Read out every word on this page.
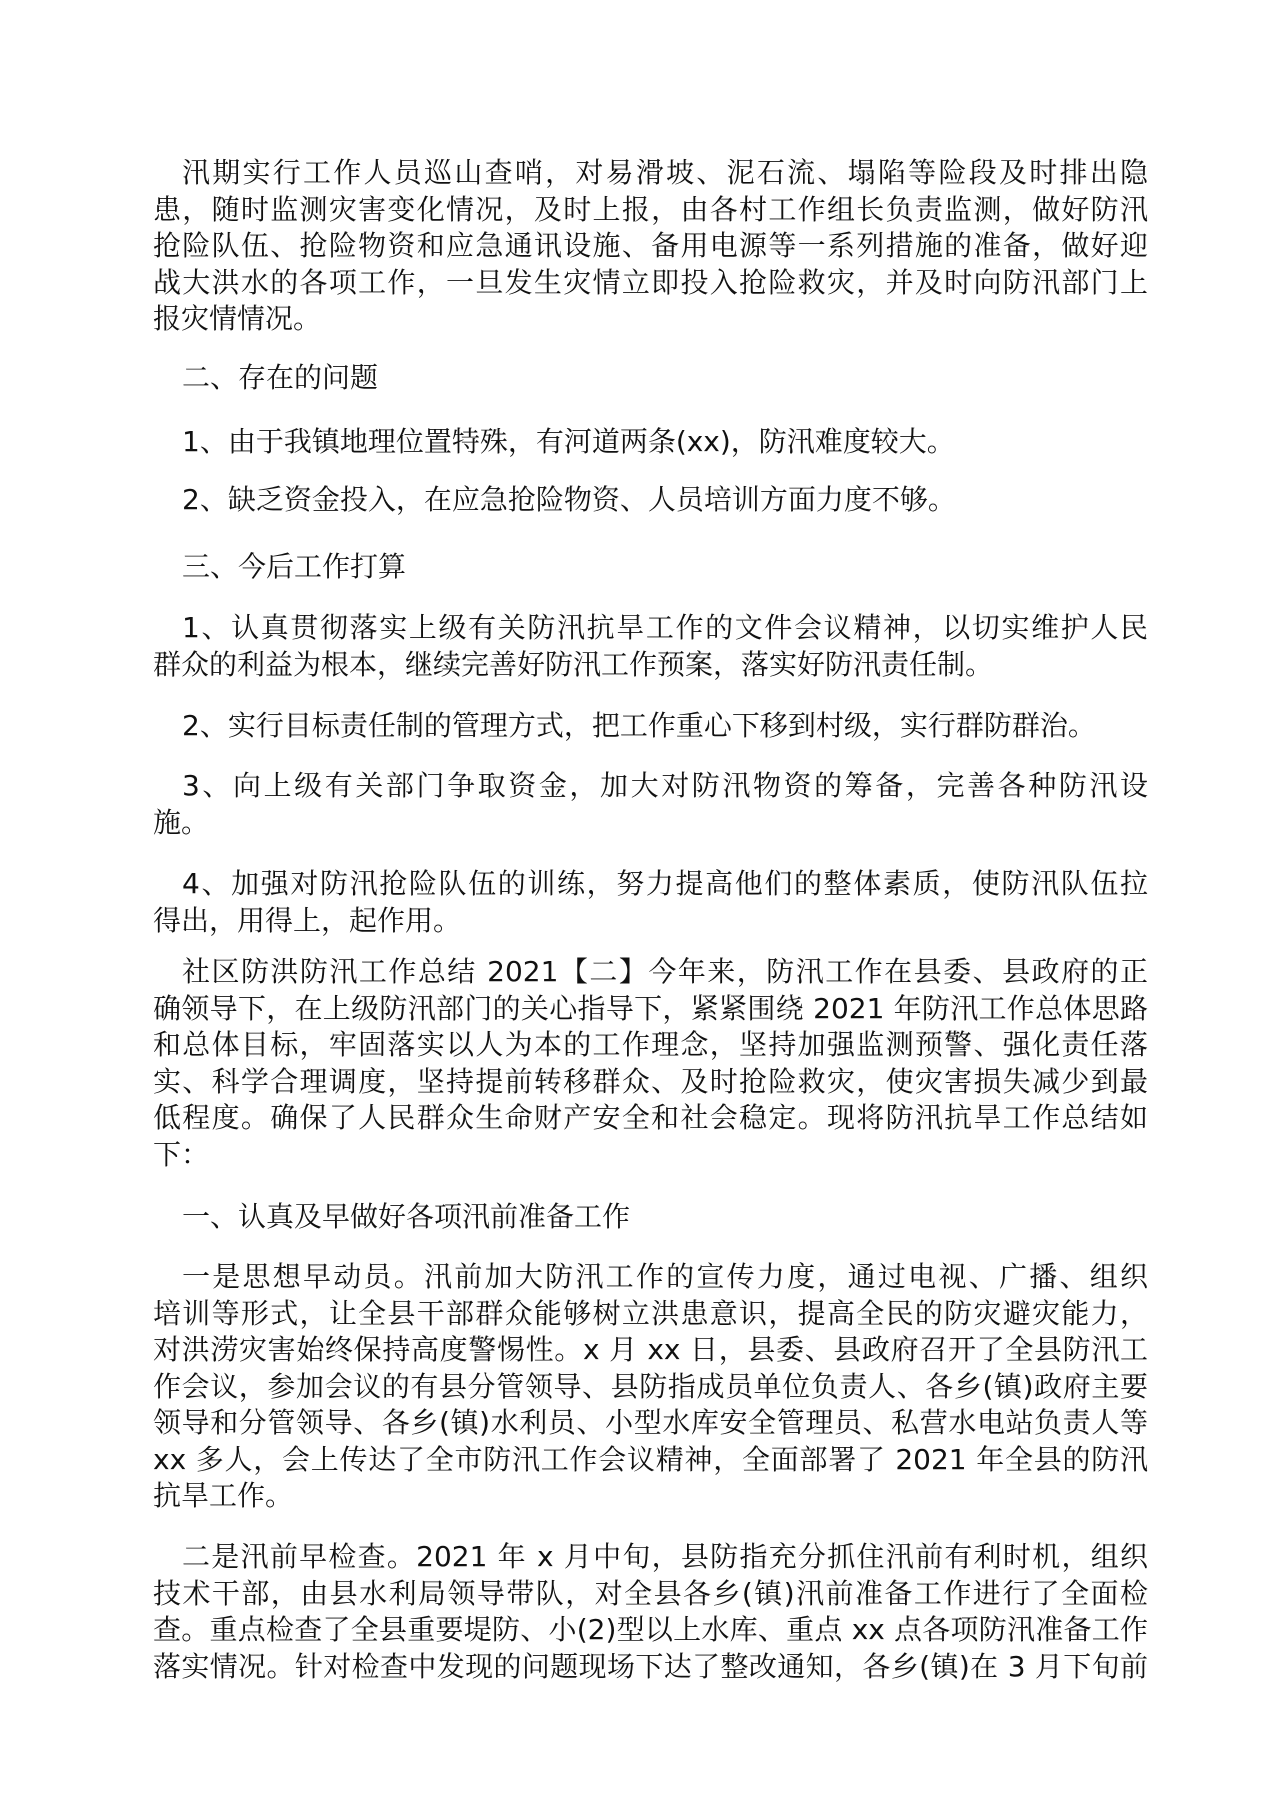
汛期实行工作人员巡山查哨，对易滑坡、泥石流、塌陷等险段及时排出隐
患，随时监测灾害变化情况，及时上报，由各村工作组长负责监测，做好防汛
抢险队伍、抢险物资和应急通讯设施、备用电源等一系列措施的准备，做好迎
战大洪水的各项工作，一旦发生灾情立即投入抢险救灾，并及时向防汛部门上
报灾情情况。
二、存在的问题
1、由于我镇地理位置特殊，有河道两条(xx)，防汛难度较大。
2、缺乏资金投入，在应急抢险物资、人员培训方面力度不够。
三、今后工作打算
1、认真贯彻落实上级有关防汛抗旱工作的文件会议精神，以切实维护人民
群众的利益为根本，继续完善好防汛工作预案，落实好防汛责任制。
2、实行目标责任制的管理方式，把工作重心下移到村级，实行群防群治。
3、向上级有关部门争取资金，加大对防汛物资的筹备，完善各种防汛设
施。
4、加强对防汛抢险队伍的训练，努力提高他们的整体素质，使防汛队伍拉
得出，用得上，起作用。
社区防洪防汛工作总结 2021【二】今年来，防汛工作在县委、县政府的正
确领导下，在上级防汛部门的关心指导下，紧紧围绕 2021 年防汛工作总体思路
和总体目标，牢固落实以人为本的工作理念，坚持加强监测预警、强化责任落
实、科学合理调度，坚持提前转移群众、及时抢险救灾，使灾害损失减少到最
低程度。确保了人民群众生命财产安全和社会稳定。现将防汛抗旱工作总结如
下：
一、认真及早做好各项汛前准备工作
一是思想早动员。汛前加大防汛工作的宣传力度，通过电视、广播、组织
培训等形式，让全县干部群众能够树立洪患意识，提高全民的防灾避灾能力，
对洪涝灾害始终保持高度警惕性。x 月 xx 日，县委、县政府召开了全县防汛工
作会议，参加会议的有县分管领导、县防指成员单位负责人、各乡(镇)政府主要
领导和分管领导、各乡(镇)水利员、小型水库安全管理员、私营水电站负责人等
xx 多人，会上传达了全市防汛工作会议精神，全面部署了 2021 年全县的防汛
抗旱工作。
二是汛前早检查。2021 年 x 月中旬，县防指充分抓住汛前有利时机，组织
技术干部，由县水利局领导带队，对全县各乡(镇)汛前准备工作进行了全面检
查。重点检查了全县重要堤防、小(2)型以上水库、重点 xx 点各项防汛准备工作
落实情况。针对检查中发现的问题现场下达了整改通知，各乡(镇)在 3 月下旬前
